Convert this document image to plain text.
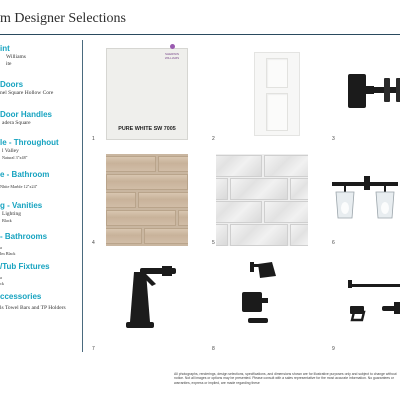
m Designer Selections
int
Williams
ite
Doors
nel Square Hollow Core
Door Handles
adera Square
le - Throughout
l Valley
Natural 3"x48"
e - Bathroom
Nhite Marble 12"x24"
g - Vanities
Lighting
Black
- Bathrooms
a
Im Black
/Tub Fixtures
a
ck
ccessories
ls Towel Bars and TP Holders
SHERWIN WILLIAMS
PURE WHITE SW 7005
1	2	3
4	5	6
7	8	9
All photographs, renderings, design selections, specifications, and dimensions shown are for illustrative purposes only and subject to change without notice. Not all images or options may be presented. Please consult with a sales representative for the most accurate information. No guarantees or warranties, express or implied, are made regarding these
